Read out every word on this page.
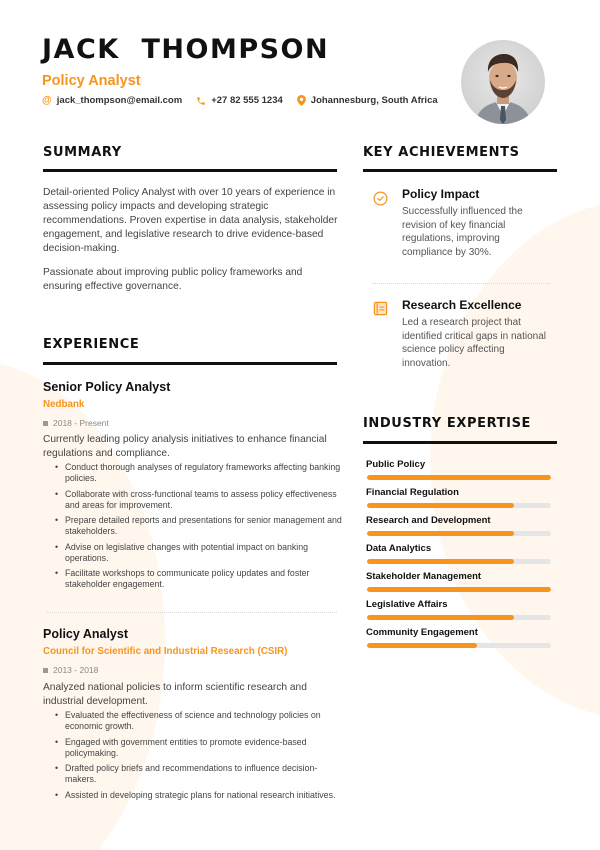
JACK  THOMPSON
Policy Analyst
@ jack_thompson@email.com	+27 82 555 1234	Johannesburg, South Africa
SUMMARY
Detail-oriented Policy Analyst with over 10 years of experience in assessing policy impacts and developing strategic recommendations. Proven expertise in data analysis, stakeholder engagement, and legislative research to drive evidence-based decision-making.
Passionate about improving public policy frameworks and ensuring effective governance.
EXPERIENCE
Senior Policy Analyst
Nedbank
2018 - Present
Currently leading policy analysis initiatives to enhance financial regulations and compliance.
• Conduct thorough analyses of regulatory frameworks affecting banking policies.
• Collaborate with cross-functional teams to assess policy effectiveness and areas for improvement.
• Prepare detailed reports and presentations for senior management and stakeholders.
• Advise on legislative changes with potential impact on banking operations.
• Facilitate workshops to communicate policy updates and foster stakeholder engagement.
Policy Analyst
Council for Scientific and Industrial Research (CSIR)
2013 - 2018
Analyzed national policies to inform scientific research and industrial development.
• Evaluated the effectiveness of science and technology policies on economic growth.
• Engaged with government entities to promote evidence-based policymaking.
• Drafted policy briefs and recommendations to influence decision-makers.
• Assisted in developing strategic plans for national research initiatives.
KEY ACHIEVEMENTS
Policy Impact
Successfully influenced the revision of key financial regulations, improving compliance by 30%.
Research Excellence
Led a research project that identified critical gaps in national science policy affecting innovation.
INDUSTRY EXPERTISE
Public Policy
Financial Regulation
Research and Development
Data Analytics
Stakeholder Management
Legislative Affairs
Community Engagement
